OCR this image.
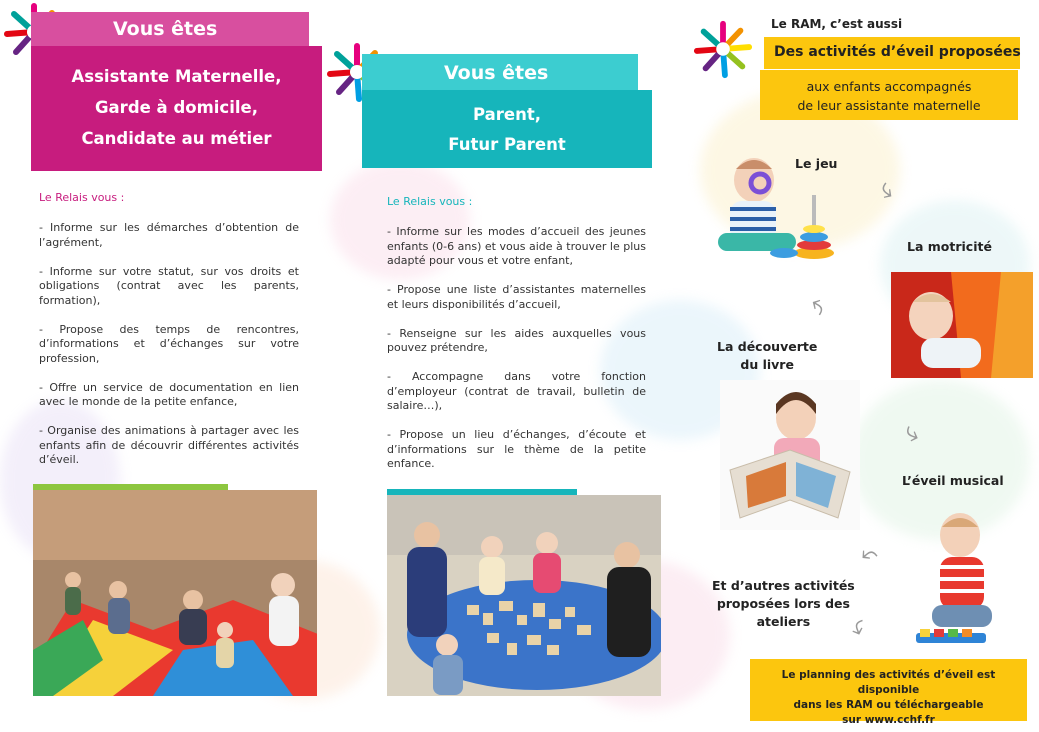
Vous êtes
Assistante Maternelle,
Garde à domicile,
Candidate au métier
Le Relais vous :

- Informe sur les démarches d’obtention de l’agrément,

- Informe sur votre statut, sur vos droits et obligations (contrat avec les parents, formation),

- Propose des temps de rencontres, d’informations et d’échanges sur votre profession,

- Offre un service de documentation en lien avec le monde de la petite enfance,

- Organise des animations à partager avec les enfants afin de découvrir différentes activités d’éveil.

Vous êtes
Parent,
Futur Parent
Le Relais vous :

- Informe sur les modes d’accueil des jeunes enfants (0-6 ans) et vous aide à trouver le plus adapté pour vous et votre enfant,

- Propose une liste d’assistantes maternelles et leurs disponibilités d’accueil,

- Renseigne sur les aides auxquelles vous pouvez prétendre,

- Accompagne dans votre fonction d’employeur (contrat de travail, bulletin de salaire…),

- Propose un lieu d’échanges, d’écoute et d’informations sur le thème de la petite enfance.

Le RAM, c’est aussi
Des activités d’éveil proposées
aux enfants accompagnés
de leur assistante maternelle
Le jeu
⤷
La motricité
⤷
La découverte
du livre
⤷
L’éveil musical
⤷
Et d’autres activités
proposées lors des
ateliers	⤷
Le planning des activités d’éveil est disponible
dans les RAM ou téléchargeable
sur www.cchf.fr
